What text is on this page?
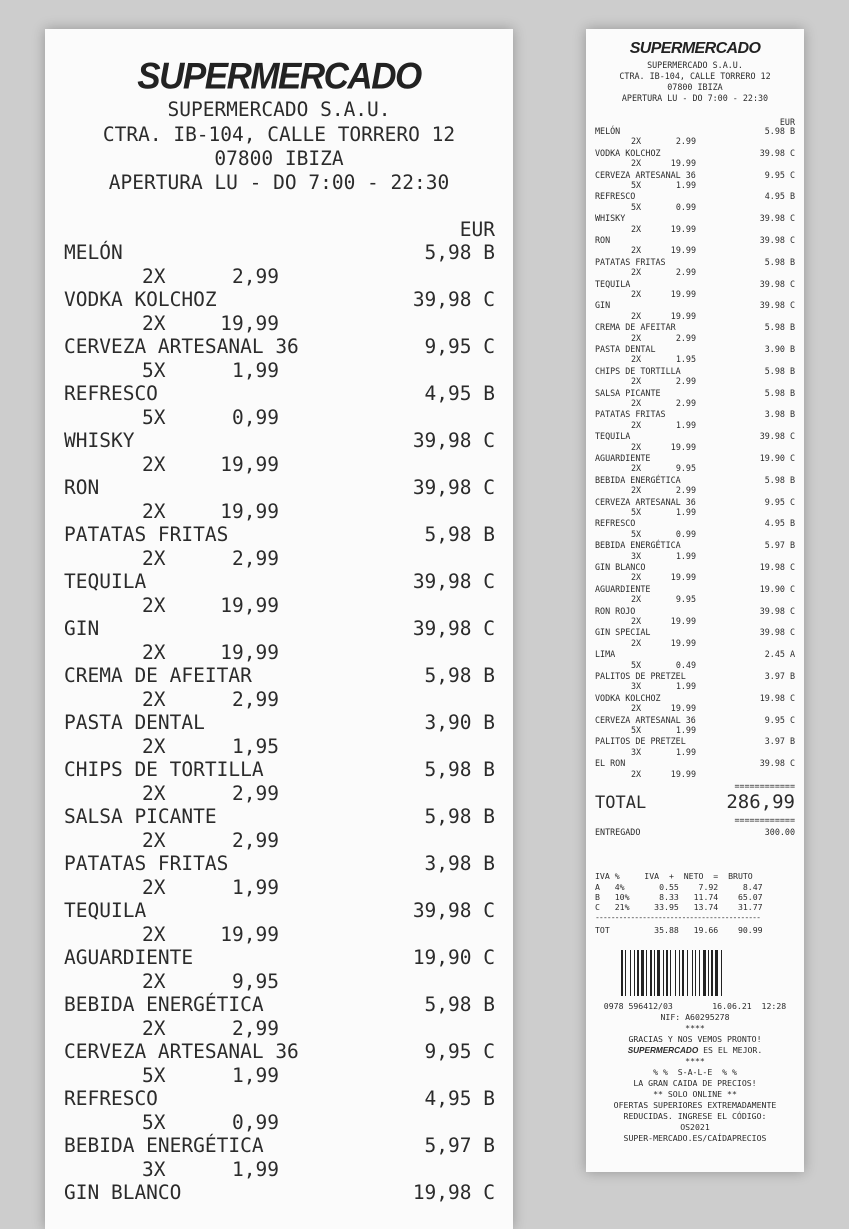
SUPERMERCADO
SUPERMERCADO S.A.U.
CTRA. IB-104, CALLE TORRERO 12
07800 IBIZA
APERTURA LU - DO 7:00 - 22:30

EUR

MELÓN	5,98 B
2X	2,99
VODKA KOLCHOZ	39,98 C
2X	19,99
CERVEZA ARTESANAL 36	9,95 C
5X	1,99
REFRESCO	4,95 B
5X	0,99
WHISKY	39,98 C
2X	19,99
RON	39,98 C
2X	19,99
PATATAS FRITAS	5,98 B
2X	2,99
TEQUILA	39,98 C
2X	19,99
GIN	39,98 C
2X	19,99
CREMA DE AFEITAR	5,98 B
2X	2,99
PASTA DENTAL	3,90 B
2X	1,95
CHIPS DE TORTILLA	5,98 B
2X	2,99
SALSA PICANTE	5,98 B
2X	2,99
PATATAS FRITAS	3,98 B
2X	1,99
TEQUILA	39,98 C
2X	19,99
AGUARDIENTE	19,90 C
2X	9,95
BEBIDA ENERGÉTICA	5,98 B
2X	2,99
CERVEZA ARTESANAL 36	9,95 C
5X	1,99
REFRESCO	4,95 B
5X	0,99
BEBIDA ENERGÉTICA	5,97 B
3X	1,99
GIN BLANCO	19,98 C
SUPERMERCADO
SUPERMERCADO S.A.U.
CTRA. IB-104, CALLE TORRERO 12
07800 IBIZA
APERTURA LU - DO 7:00 - 22:30

EUR

MELÓN	5.98 B
2X	2.99
VODKA KOLCHOZ	39.98 C
2X	19.99
CERVEZA ARTESANAL 36	9.95 C
5X	1.99
REFRESCO	4.95 B
5X	0.99
WHISKY	39.98 C
2X	19.99
RON	39.98 C
2X	19.99
PATATAS FRITAS	5.98 B
2X	2.99
TEQUILA	39.98 C
2X	19.99
GIN	39.98 C
2X	19.99
CREMA DE AFEITAR	5.98 B
2X	2.99
PASTA DENTAL	3.90 B
2X	1.95
CHIPS DE TORTILLA	5.98 B
2X	2.99
SALSA PICANTE	5.98 B
2X	2.99
PATATAS FRITAS	3.98 B
2X	1.99
TEQUILA	39.98 C
2X	19.99
AGUARDIENTE	19.90 C
2X	9.95
BEBIDA ENERGÉTICA	5.98 B
2X	2.99
CERVEZA ARTESANAL 36	9.95 C
5X	1.99
REFRESCO	4.95 B
5X	0.99
BEBIDA ENERGÉTICA	5.97 B
3X	1.99
GIN BLANCO	19.98 C
2X	19.99
AGUARDIENTE	19.90 C
2X	9.95
RON ROJO	39.98 C
2X	19.99
GIN SPECIAL	39.98 C
2X	19.99
LIMA	2.45 A
5X	0.49
PALITOS DE PRETZEL	3.97 B
3X	1.99
VODKA KOLCHOZ	19.98 C
2X	19.99
CERVEZA ARTESANAL 36	9.95 C
5X	1.99
PALITOS DE PRETZEL	3.97 B
3X	1.99
EL RON	39.98 C
2X	19.99
============
TOTAL	286,99
============
ENTREGADO	300.00
IVA %     IVA  +  NETO  =  BRUTO
A   4%       0.55    7.92     8.47
B   10%      8.33   11.74    65.07
C   21%     33.95   13.74    31.77
------------------------------------------
TOT         35.88   19.66    90.99
0978 596412/03        16.06.21  12:28
NIF: A60295278
****
GRACIAS Y NOS VEMOS PRONTO!
SUPERMERCADO ES EL MEJOR.
****
% %  S-A-L-E  % %
LA GRAN CAIDA DE PRECIOS!
** SOLO ONLINE **
OFERTAS SUPERIORES EXTREMADAMENTE
REDUCIDAS. INGRESE EL CÓDIGO:
OS2021
SUPER-MERCADO.ES/CAÍDAPRECIOS
